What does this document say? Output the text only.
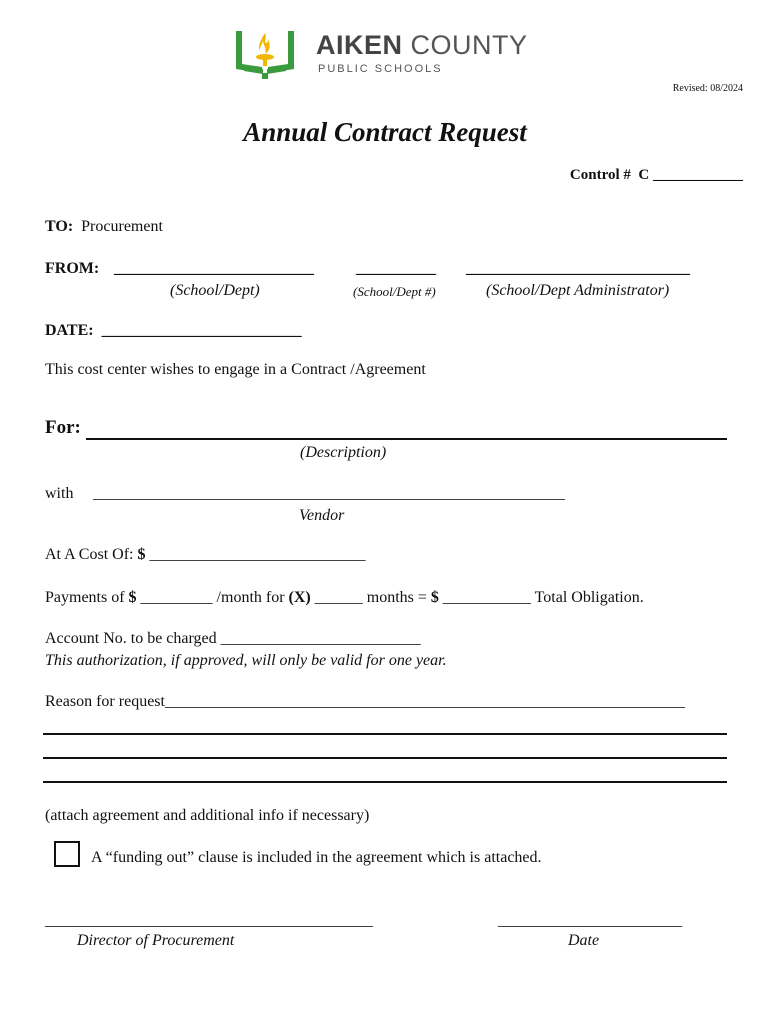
AIKEN COUNTY
PUBLIC SCHOOLS
Revised: 08/2024
Annual Contract Request
Control # C ____________
TO: Procurement
FROM: _________________________	__________ ____________________________
(School/Dept)	(School/Dept #)	(School/Dept Administrator)
DATE: _________________________
This cost center wishes to engage in a Contract /Agreement
For:
(Description)
with ___________________________________________________________
Vendor
At A Cost Of: $ ___________________________
Payments of $ _________ /month for (X) ______ months = $ ___________ Total Obligation.
Account No. to be charged _________________________
This authorization, if approved, will only be valid for one year.
Reason for request_________________________________________________________________
(attach agreement and additional info if necessary)
A “funding out” clause is included in the agreement which is attached.
_________________________________________
Director of Procurement
_______________________
Date
